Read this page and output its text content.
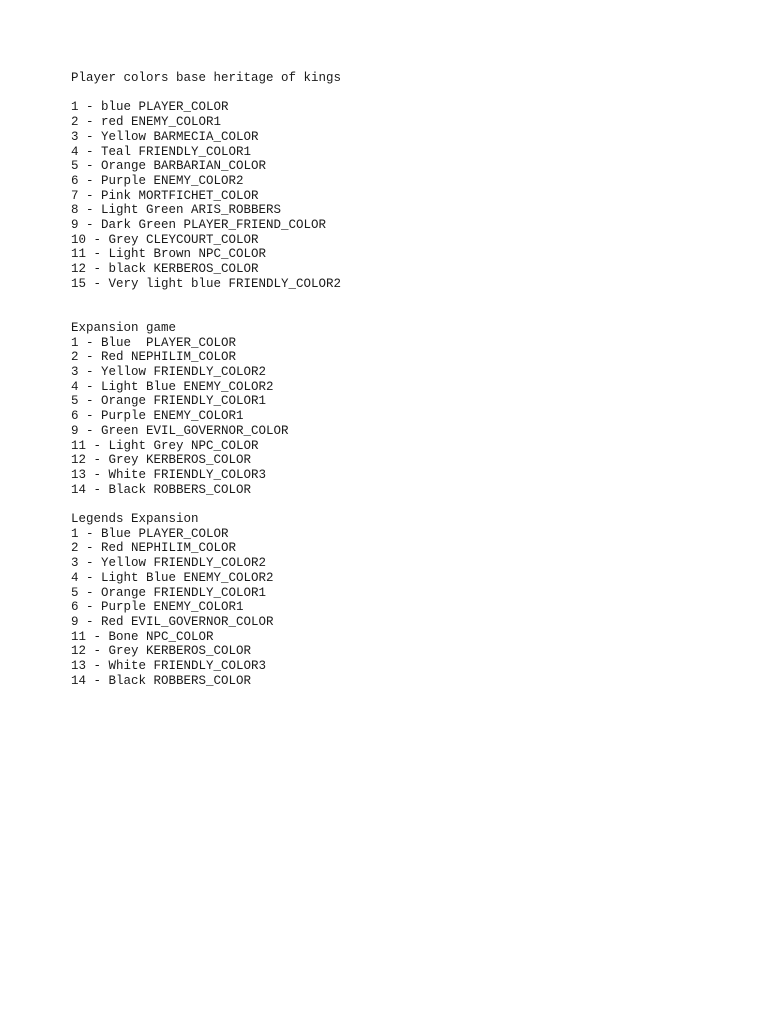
Player colors base heritage of kings
1 - blue PLAYER_COLOR
2 - red ENEMY_COLOR1
3 - Yellow BARMECIA_COLOR
4 - Teal FRIENDLY_COLOR1
5 - Orange BARBARIAN_COLOR
6 - Purple ENEMY_COLOR2
7 - Pink MORTFICHET_COLOR
8 - Light Green ARIS_ROBBERS
9 - Dark Green PLAYER_FRIEND_COLOR
10 - Grey CLEYCOURT_COLOR
11 - Light Brown NPC_COLOR
12 - black KERBEROS_COLOR
15 - Very light blue FRIENDLY_COLOR2
Expansion game
1 - Blue  PLAYER_COLOR
2 - Red NEPHILIM_COLOR
3 - Yellow FRIENDLY_COLOR2
4 - Light Blue ENEMY_COLOR2
5 - Orange FRIENDLY_COLOR1
6 - Purple ENEMY_COLOR1
9 - Green EVIL_GOVERNOR_COLOR
11 - Light Grey NPC_COLOR
12 - Grey KERBEROS_COLOR
13 - White FRIENDLY_COLOR3
14 - Black ROBBERS_COLOR
Legends Expansion
1 - Blue PLAYER_COLOR
2 - Red NEPHILIM_COLOR
3 - Yellow FRIENDLY_COLOR2
4 - Light Blue ENEMY_COLOR2
5 - Orange FRIENDLY_COLOR1
6 - Purple ENEMY_COLOR1
9 - Red EVIL_GOVERNOR_COLOR
11 - Bone NPC_COLOR
12 - Grey KERBEROS_COLOR
13 - White FRIENDLY_COLOR3
14 - Black ROBBERS_COLOR
